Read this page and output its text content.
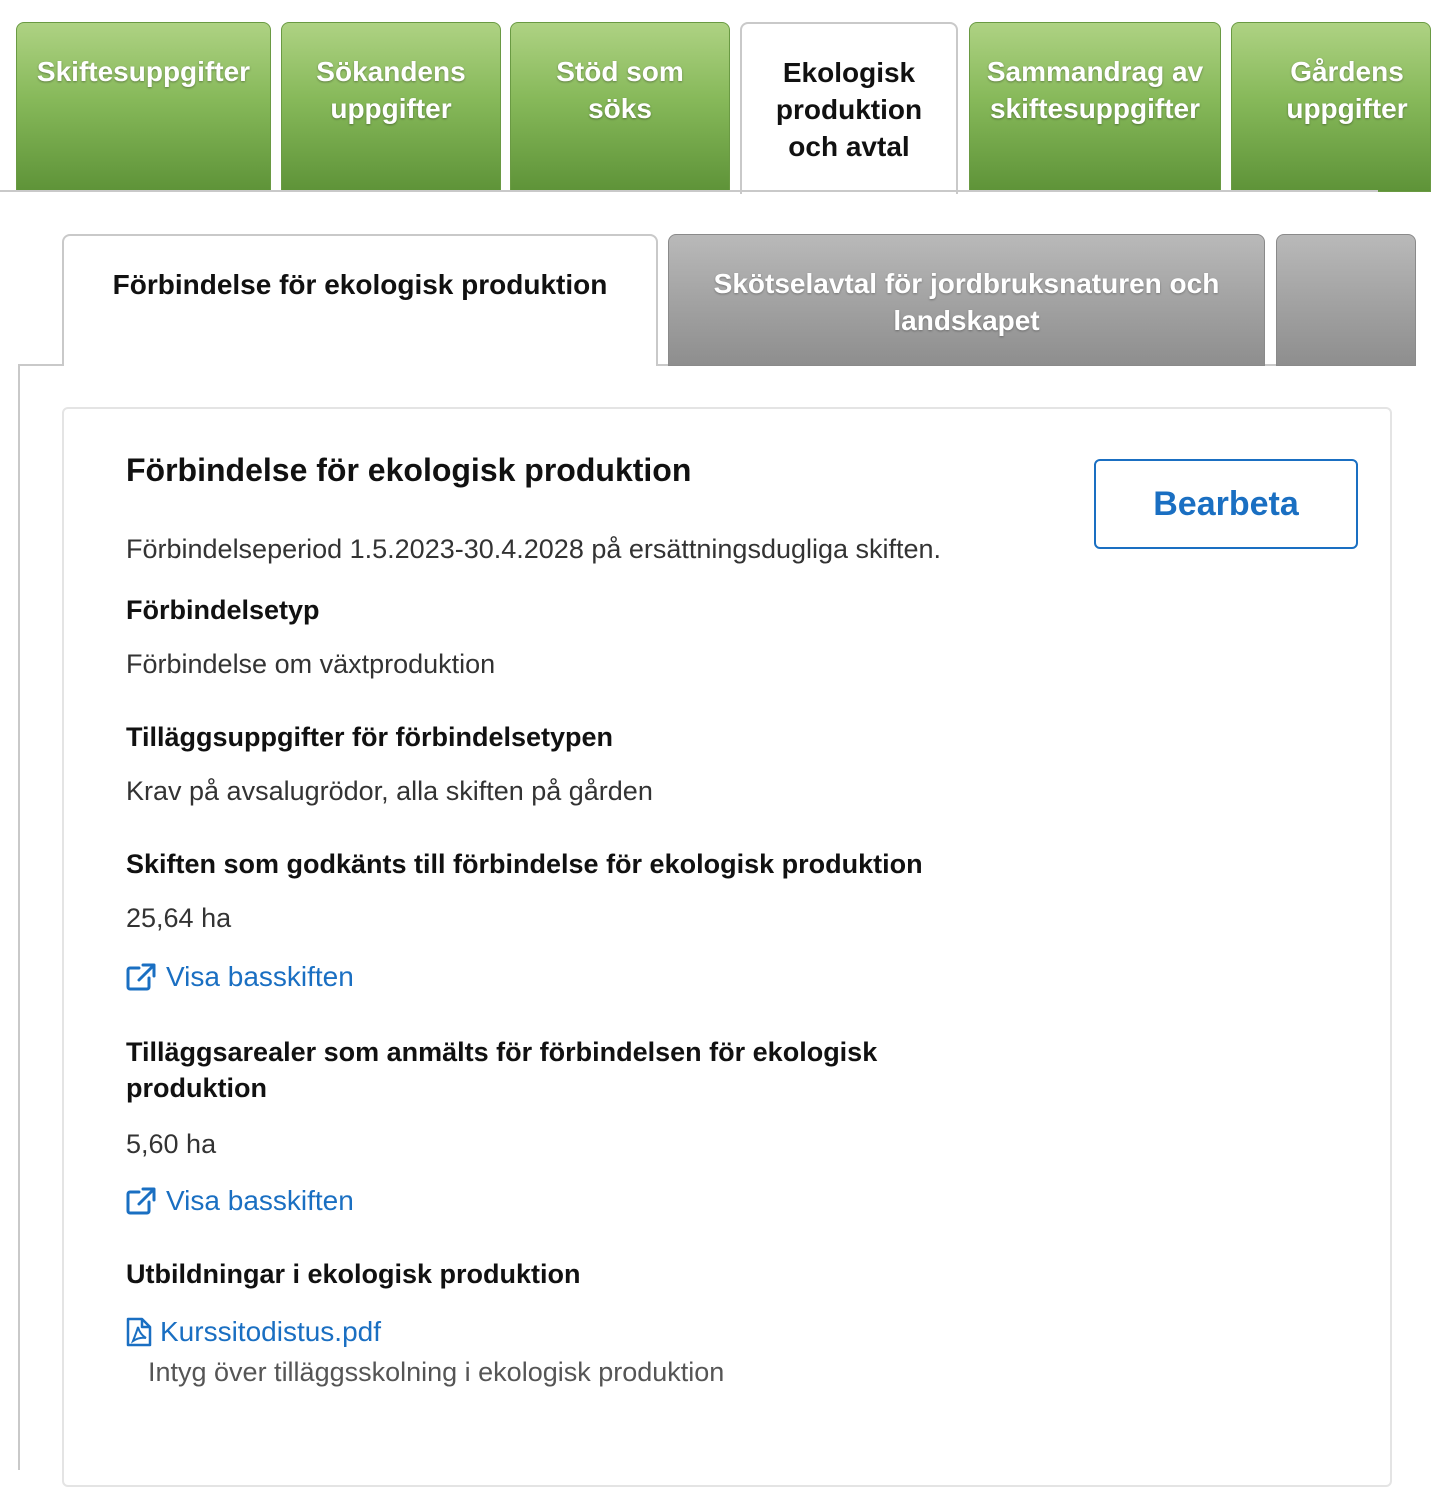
Skiftesuppgifter	Sökandens uppgifter
Stöd som söks
Ekologisk produktion och avtal
Sammandrag av skiftesuppgifter
Gårdens uppgifter
Förbindelse för ekologisk produktion	Skötselavtal för jordbruksnaturen och landskapet
Bearbeta
Förbindelse för ekologisk produktion

Förbindelseperiod 1.5.2023-30.4.2028 på ersättningsdugliga skiften.

Förbindelsetyp
Förbindelse om växtproduktion
Tilläggsuppgifter för förbindelsetypen
Krav på avsalugrödor, alla skiften på gården
Skiften som godkänts till förbindelse för ekologisk produktion
25,64 ha
Visa basskiften
Tilläggsarealer som anmälts för förbindelsen för ekologisk produktion
5,60 ha
Visa basskiften
Utbildningar i ekologisk produktion
Kurssitodistus.pdf
Intyg över tilläggsskolning i ekologisk produktion
